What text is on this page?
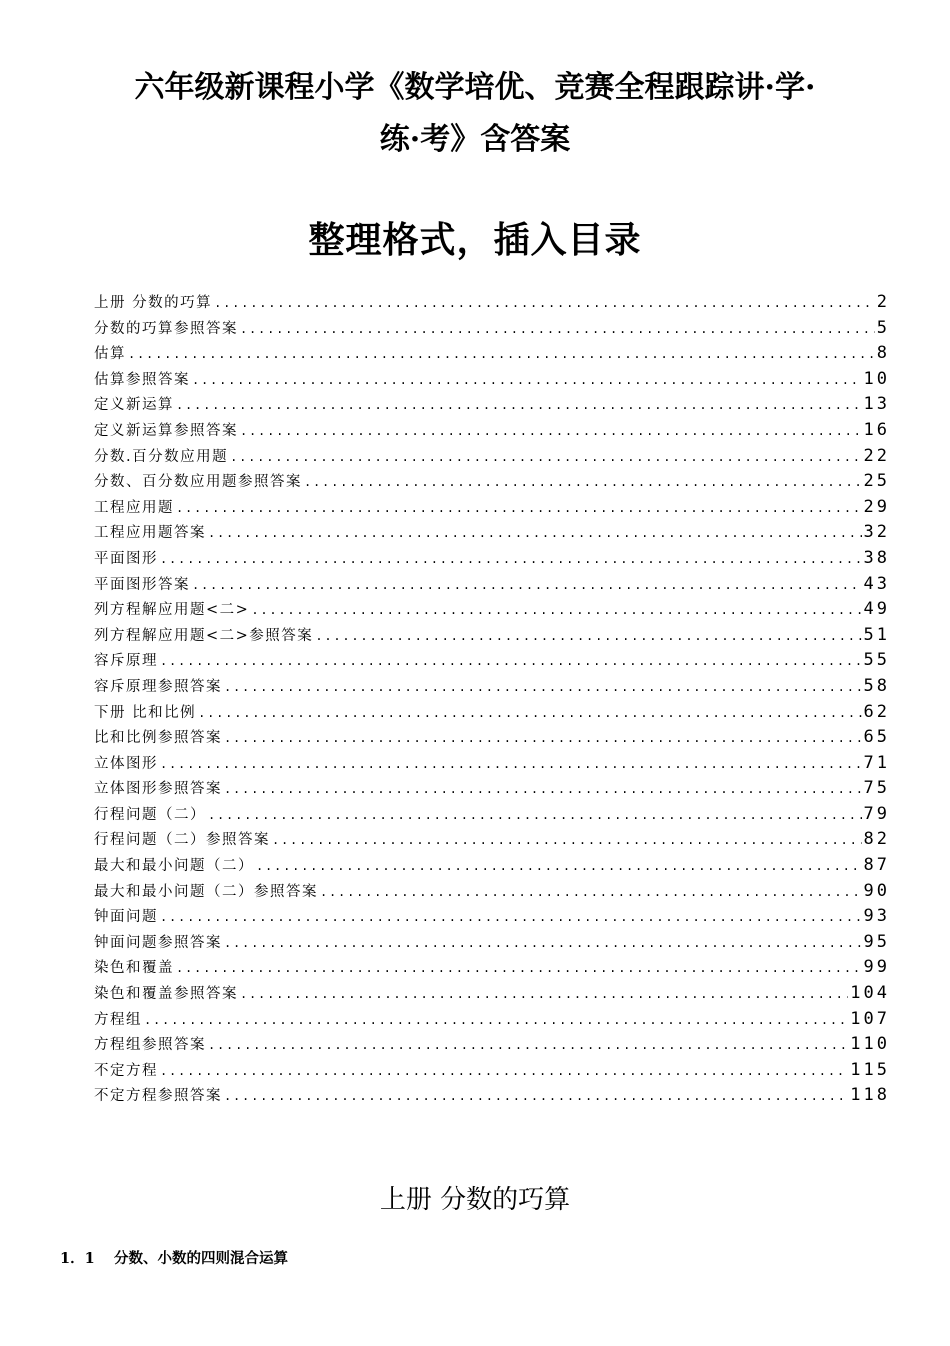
六年级新课程小学《数学培优、竞赛全程跟踪讲·学·
练·考》含答案
整理格式，插入目录
上册 分数的巧算 .....	2
分数的巧算参照答案 .....	5
估算 .....	8
估算参照答案 .....	10
定义新运算 .....	13
定义新运算参照答案 .....	16
分数.百分数应用题 .....	22
分数、百分数应用题参照答案 .....	25
工程应用题 .....	29
工程应用题答案 .....	32
平面图形 .....	38
平面图形答案 .....	43
列方程解应用题<二> .....	49
列方程解应用题<二>参照答案 .....	51
容斥原理 .....	55
容斥原理参照答案 .....	58
下册 比和比例 .....	62
比和比例参照答案 .....	65
立体图形 .....	71
立体图形参照答案 .....	75
行程问题（二） .....	79
行程问题（二）参照答案 .....	82
最大和最小问题（二） .....	87
最大和最小问题（二）参照答案 .....	90
钟面问题 .....	93
钟面问题参照答案 .....	95
染色和覆盖 .....	99
染色和覆盖参照答案 .....	104
方程组 .....	107
方程组参照答案 .....	110
不定方程 .....	115
不定方程参照答案 .....	118
上册 分数的巧算

1．1 分数、小数的四则混合运算
